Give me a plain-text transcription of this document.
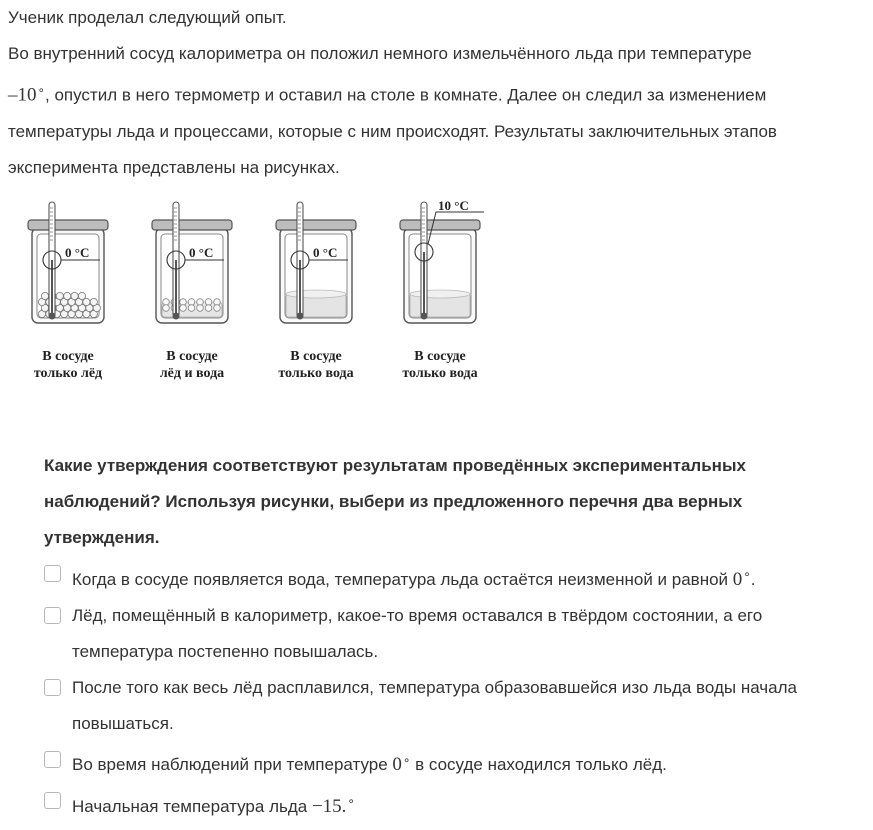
Ученик проделал следующий опыт.

Во внутренний сосуд калориметра он положил немного измельчённого льда при температуре
–10∘, опустил в него термометр и оставил на столе в комнате. Далее он следил за изменением температуры льда и процессами, которые с ним происходят. Результаты заключительных этапов эксперимента представлены на рисунках.

0 °C
В сосуде
только лёд
0 °C
В сосуде
лёд и вода
0 °C
В сосуде
только вода
10 °C
В сосуде
только вода

Какие утверждения соответствуют результатам проведённых экспериментальных наблюдений? Используя рисунки, выбери из предложенного перечня два верных утверждения.

Когда в сосуде появляется вода, температура льда остаётся неизменной и равной 0∘.
Лёд, помещённый в калориметр, какое-то время оставался в твёрдом состоянии, а его температура постепенно повышалась.
После того как весь лёд расплавился, температура образовавшейся изо льда воды начала повышаться.
Во время наблюдений при температуре 0∘ в сосуде находился только лёд.
Начальная температура льда −15.∘
